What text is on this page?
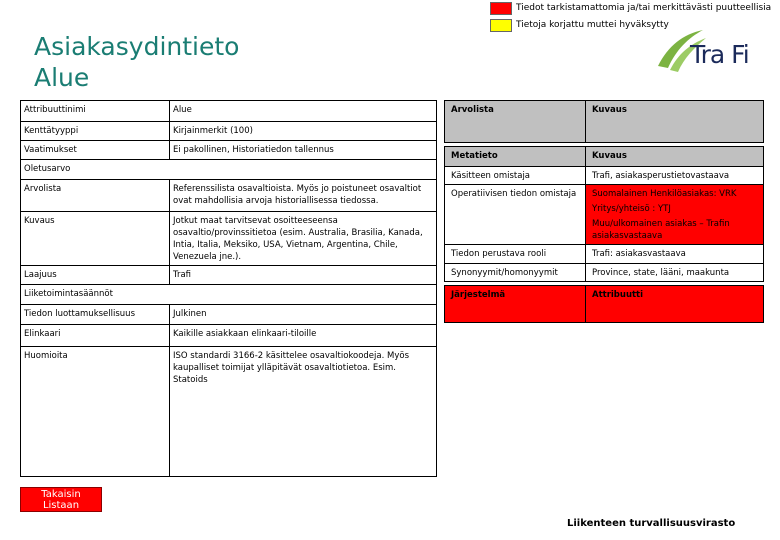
Tiedot tarkistamattomia ja/tai merkittävästi puutteellisia
Tietoja korjattu muttei hyväksytty
Asiakasydintieto
Alue
Tra Fi
Attribuuttinimi	Alue
Kenttätyyppi	Kirjainmerkit (100)
Vaatimukset	Ei pakollinen, Historiatiedon tallennus
Oletusarvo	
Arvolista	Referenssilista osavaltioista. Myös jo poistuneet osavaltiot ovat mahdollisia arvoja historiallisessa tiedossa.
Kuvaus	Jotkut maat tarvitsevat osoitteeseensa osavaltio/provinssitietoa (esim. Australia, Brasilia, Kanada, Intia, Italia, Meksiko, USA, Vietnam, Argentina, Chile, Venezuela jne.).
Laajuus	Trafi
Liiketoimintasäännöt	
Tiedon luottamuksellisuus	Julkinen
Elinkaari	Kaikille asiakkaan elinkaari-tiloille
Huomioita	ISO standardi 3166-2 käsittelee osavaltiokoodeja. Myös kaupalliset toimijat ylläpitävät osavaltiotietoa. Esim. Statoids
Arvolista	Kuvaus

Metatieto	Kuvaus
Käsitteen omistaja	Trafi, asiakasperustietovastaava
Operatiivisen tiedon omistaja	Suomalainen Henkilöasiakas: VRK
Yritys/yhteisö : YTJ
Muu/ulkomainen asiakas – Trafin asiakasvastaava

Tiedon perustava rooli	Trafi: asiakasvastaava
Synonyymit/homonyymit	Province, state, lääni, maakunta

Järjestelmä	Attribuutti
Takaisin
Listaan
Liikenteen turvallisuusvirasto
